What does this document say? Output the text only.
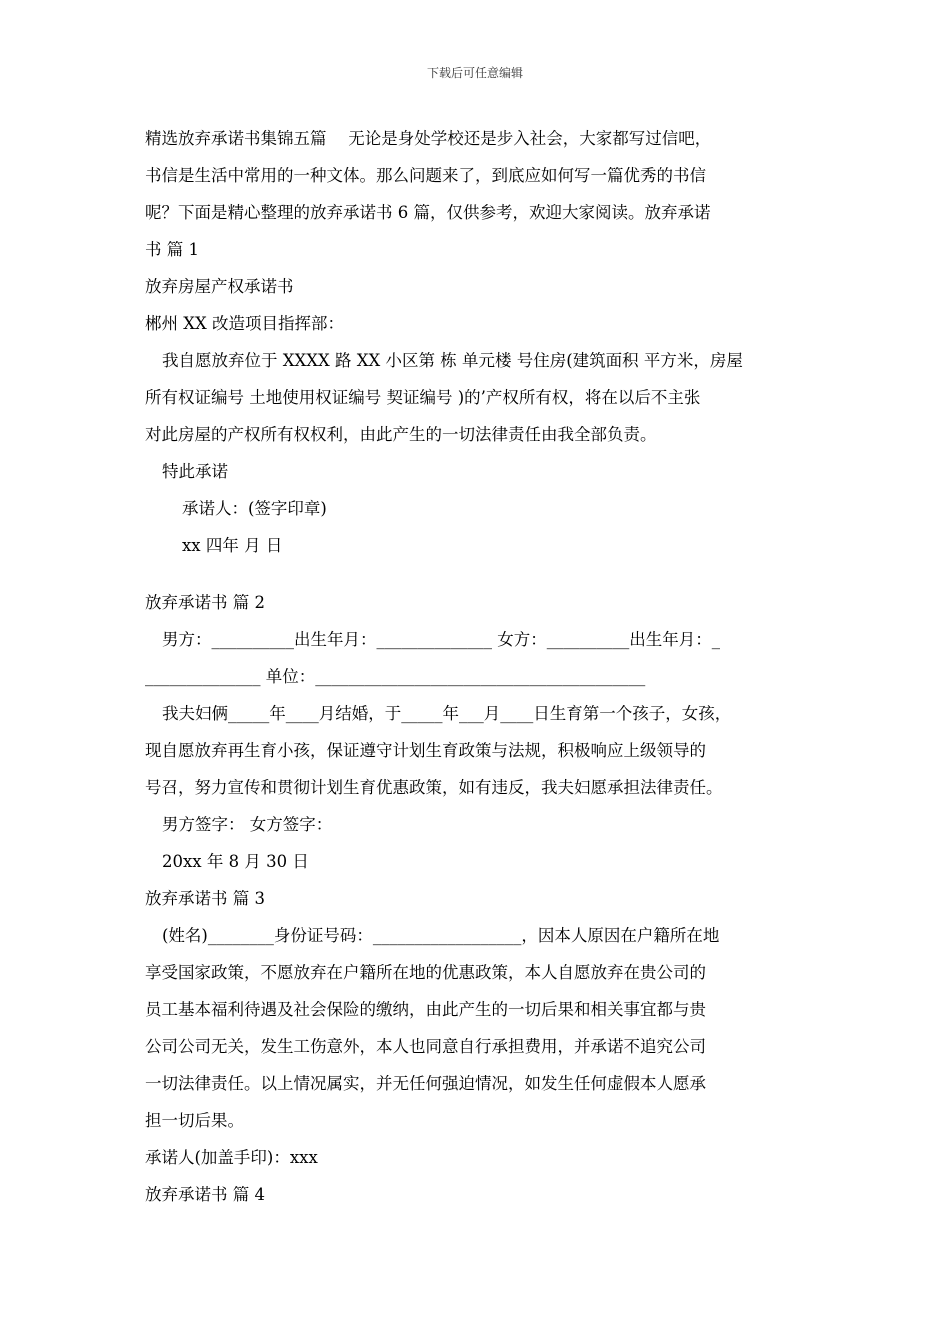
下载后可任意编辑
精选放弃承诺书集锦五篇　 无论是身处学校还是步入社会，大家都写过信吧，
书信是生活中常用的一种文体。那么问题来了，到底应如何写一篇优秀的书信
呢？下面是精心整理的放弃承诺书 6 篇，仅供参考，欢迎大家阅读。放弃承诺
书 篇 1
放弃房屋产权承诺书
郴州 XX 改造项目指挥部：
我自愿放弃位于 XXXX 路 XX 小区第 栋 单元楼 号住房(建筑面积 平方米，房屋
所有权证编号 土地使用权证编号 契证编号 )的’产权所有权，将在以后不主张
对此房屋的产权所有权权利，由此产生的一切法律责任由我全部负责。
特此承诺
承诺人：(签字印章)
xx 四年 月 日
放弃承诺书 篇 2
男方：__________出生年月：______________ 女方：__________出生年月：_
______________ 单位：________________________________________
我夫妇俩_____年____月结婚，于_____年___月____日生育第一个孩子，女孩，
现自愿放弃再生育小孩，保证遵守计划生育政策与法规，积极响应上级领导的
号召，努力宣传和贯彻计划生育优惠政策，如有违反，我夫妇愿承担法律责任。
男方签字： 女方签字：
20xx 年 8 月 30 日
放弃承诺书 篇 3
(姓名)________身份证号码：__________________，因本人原因在户籍所在地
享受国家政策，不愿放弃在户籍所在地的优惠政策，本人自愿放弃在贵公司的
员工基本福利待遇及社会保险的缴纳，由此产生的一切后果和相关事宜都与贵
公司公司无关，发生工伤意外，本人也同意自行承担费用，并承诺不追究公司
一切法律责任。以上情况属实，并无任何强迫情况，如发生任何虚假本人愿承
担一切后果。
承诺人(加盖手印)：xxx
放弃承诺书 篇 4
